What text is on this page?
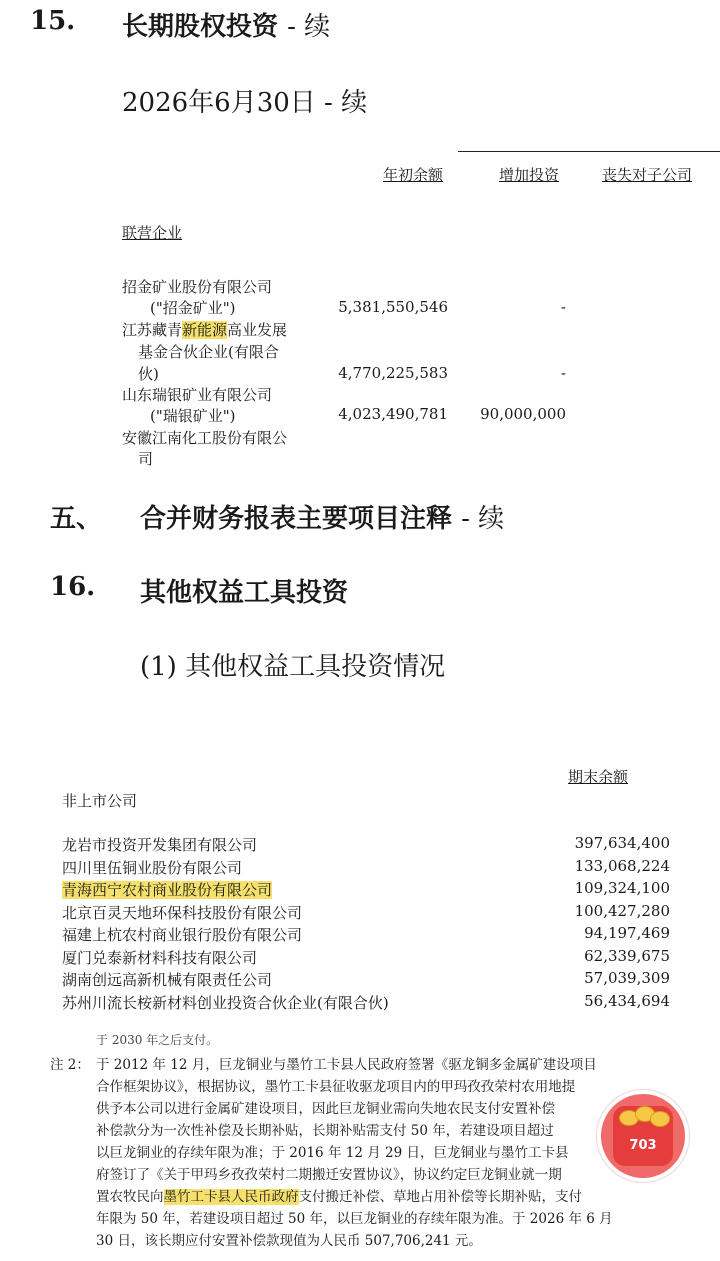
15. 长期股权投资 - 续
2026年6月30日 - 续
年初余额	增加投资	丧失对子公司
联营企业
招金矿业股份有限公司
("招金矿业")	5,381,550,546	-
江苏藏青新能源高业发展
基金合伙企业(有限合
伙)	4,770,225,583	-
山东瑞银矿业有限公司
("瑞银矿业")	4,023,490,781	90,000,000
安徽江南化工股份有限公
司
五、 合并财务报表主要项目注释 - 续
16. 其他权益工具投资
(1) 其他权益工具投资情况
期末余额
非上市公司
龙岩市投资开发集团有限公司	397,634,400
四川里伍铜业股份有限公司	133,068,224
青海西宁农村商业股份有限公司	109,324,100
北京百灵天地环保科技股份有限公司	100,427,280
福建上杭农村商业银行股份有限公司	94,197,469
厦门兑泰新材料科技有限公司	62,339,675
湖南创远高新机械有限责任公司	57,039,309
苏州川流长桉新材料创业投资合伙企业(有限合伙)	56,434,694
于 2030 年之后支付。
注 2： 于 2012 年 12 月，巨龙铜业与墨竹工卡县人民政府签署《驱龙铜多金属矿建设项目
合作框架协议》，根据协议，墨竹工卡县征收驱龙项目内的甲玛孜孜荣村农用地提
供予本公司以进行金属矿建设项目，因此巨龙铜业需向失地农民支付安置补偿
补偿款分为一次性补偿及长期补贴，长期补贴需支付 50 年，若建设项目超过
以巨龙铜业的存续年限为准；于 2016 年 12 月 29 日，巨龙铜业与墨竹工卡县
府签订了《关于甲玛乡孜孜荣村二期搬迁安置协议》，协议约定巨龙铜业就一期
置农牧民向墨竹工卡县人民币政府支付搬迁补偿、草地占用补偿等长期补贴，支付
年限为 50 年，若建设项目超过 50 年，以巨龙铜业的存续年限为准。于 2026 年 6 月
30 日，该长期应付安置补偿款现值为人民币 507,706,241 元。
703
